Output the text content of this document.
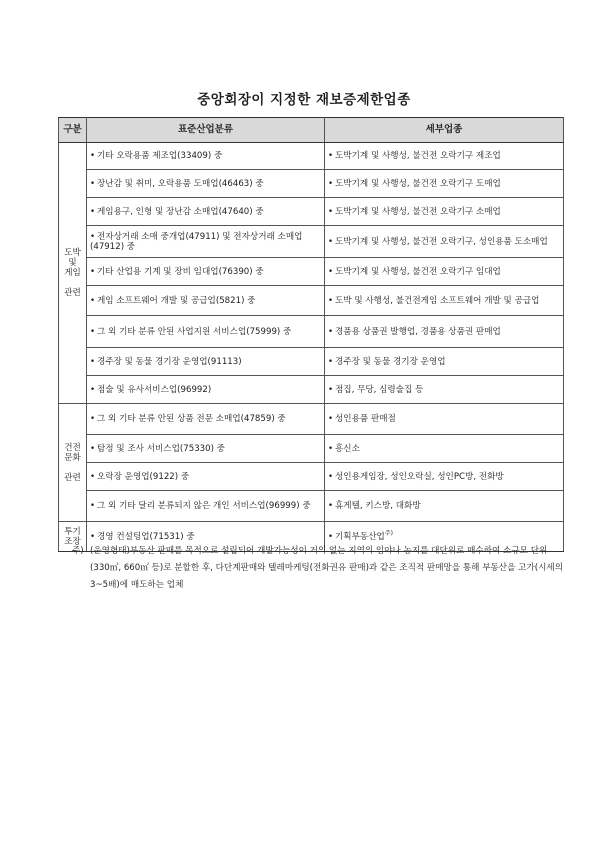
중앙회장이 지정한 재보증제한업종
구분	표준산업분류	세부업종
도박
및
게임

관련	• 기타 오락용품 제조업(33409) 중	• 도박기계 및 사행성, 불건전 오락기구 제조업
	• 장난감 및 취미, 오락용품 도매업(46463) 중	• 도박기계 및 사행성, 불건전 오락기구 도매업
	• 게임용구, 인형 및 장난감 소매업(47640) 중	• 도박기계 및 사행성, 불건전 오락기구 소매업
	• 전자상거래 소매 중개업(47911) 및 전자상거래 소매업(47912) 중	• 도박기계 및 사행성, 불건전 오락기구, 성인용품 도소매업
	• 기타 산업용 기계 및 장비 임대업(76390) 중	• 도박기계 및 사행성, 불건전 오락기구 임대업
	• 게임 소프트웨어 개발 및 공급업(5821) 중	• 도박 및 사행성, 불건전게임 소프트웨어 개발 및 공급업
	• 그 외 기타 분류 안된 사업지원 서비스업(75999) 중	• 경품용 상품권 발행업, 경품용 상품권 판매업
	• 경주장 및 동물 경기장 운영업(91113)	• 경주장 및 동물 경기장 운영업
	• 점술 및 유사서비스업(96992)	• 점집, 무당, 심령술집 등
건전
문화

관련	• 그 외 기타 분류 안된 상품 전문 소매업(47859) 중	• 성인용품 판매점
	• 탐정 및 조사 서비스업(75330) 중	• 흥신소
	• 오락장 운영업(9122) 중	• 성인용게임장, 성인오락실, 성인PC방, 전화방
	• 그 외 기타 달리 분류되지 않은 개인 서비스업(96999) 중	• 휴게텔, 키스방, 대화방
투기
조장	• 경영 컨설팅업(71531) 중	• 기획부동산업$^{주)}$
주) (운영형태)부동산 판매를 목적으로 설립되어 개발가능성이 거의 없는 지역의 임야나 농지를 대단위로 매수하여 소규모 단위(330㎡, 660㎡ 등)로 분할한 후, 다단계판매와 텔레마케팅(전화권유 판매)과 같은 조직적 판매망을 통해 부동산을 고가(시세의 3~5배)에 매도하는 업체
